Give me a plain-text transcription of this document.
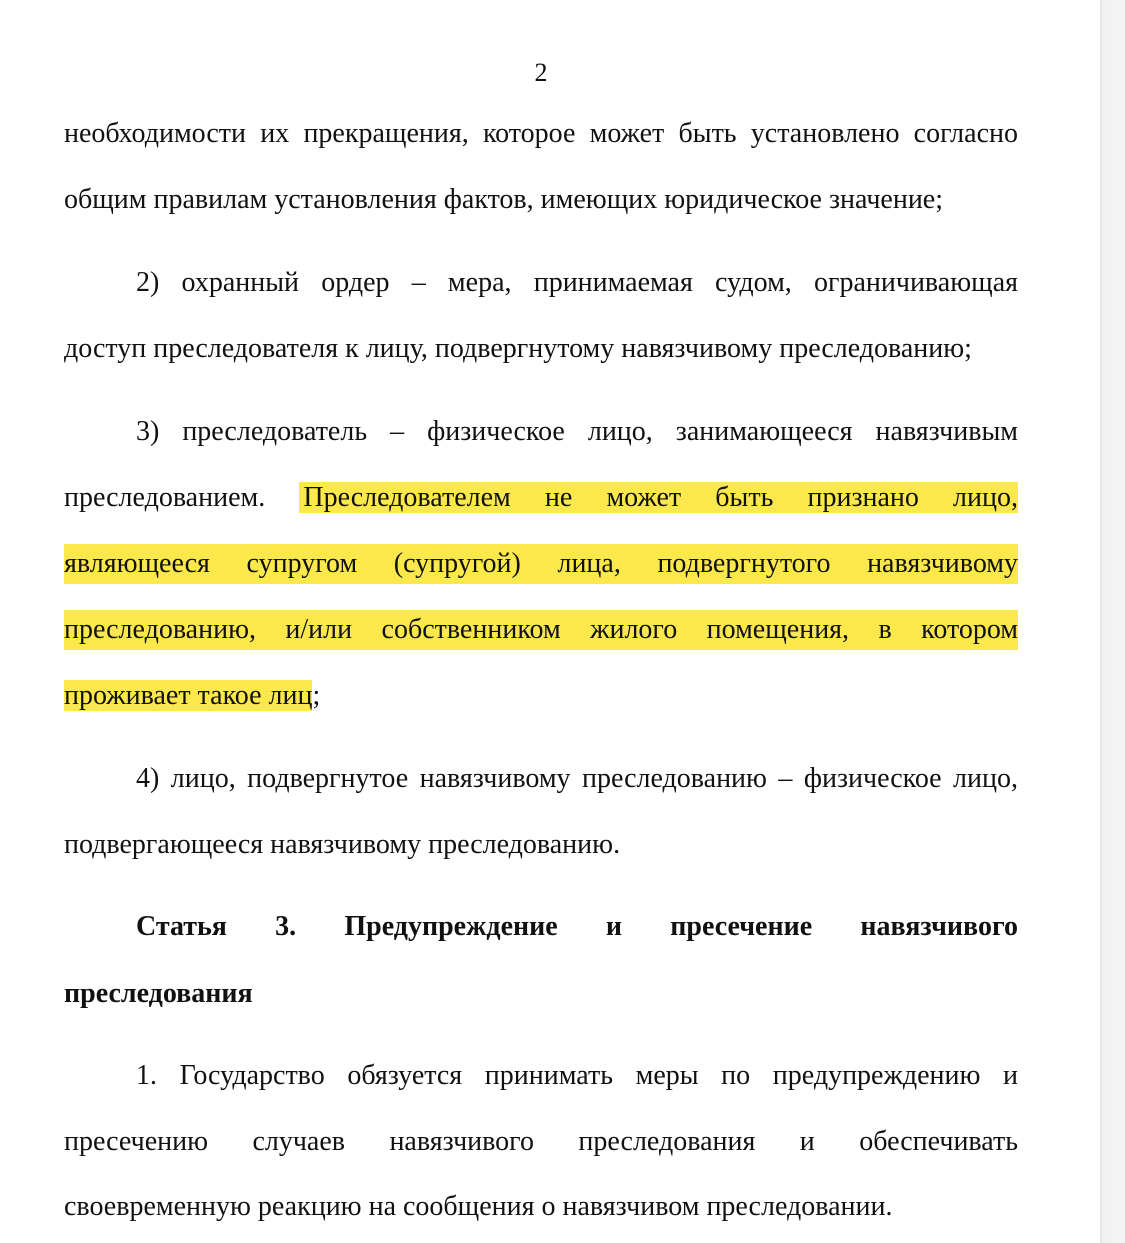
2
необходимости их прекращения, которое может быть установлено согласно
общим правилам установления фактов, имеющих юридическое значение;
2) охранный ордер – мера, принимаемая судом, ограничивающая
доступ преследователя к лицу, подвергнутому навязчивому преследованию;
3) преследователь – физическое лицо, занимающееся навязчивым
преследованием. Преследователем не может быть признано лицо,
являющееся супругом (супругой) лица, подвергнутого навязчивому
преследованию, и/или собственником жилого помещения, в котором
проживает такое лиц;
4) лицо, подвергнутое навязчивому преследованию – физическое лицо,
подвергающееся навязчивому преследованию.
Статья 3. Предупреждение и пресечение навязчивого
преследования
1. Государство обязуется принимать меры по предупреждению и
пресечению случаев навязчивого преследования и обеспечивать
своевременную реакцию на сообщения о навязчивом преследовании.
